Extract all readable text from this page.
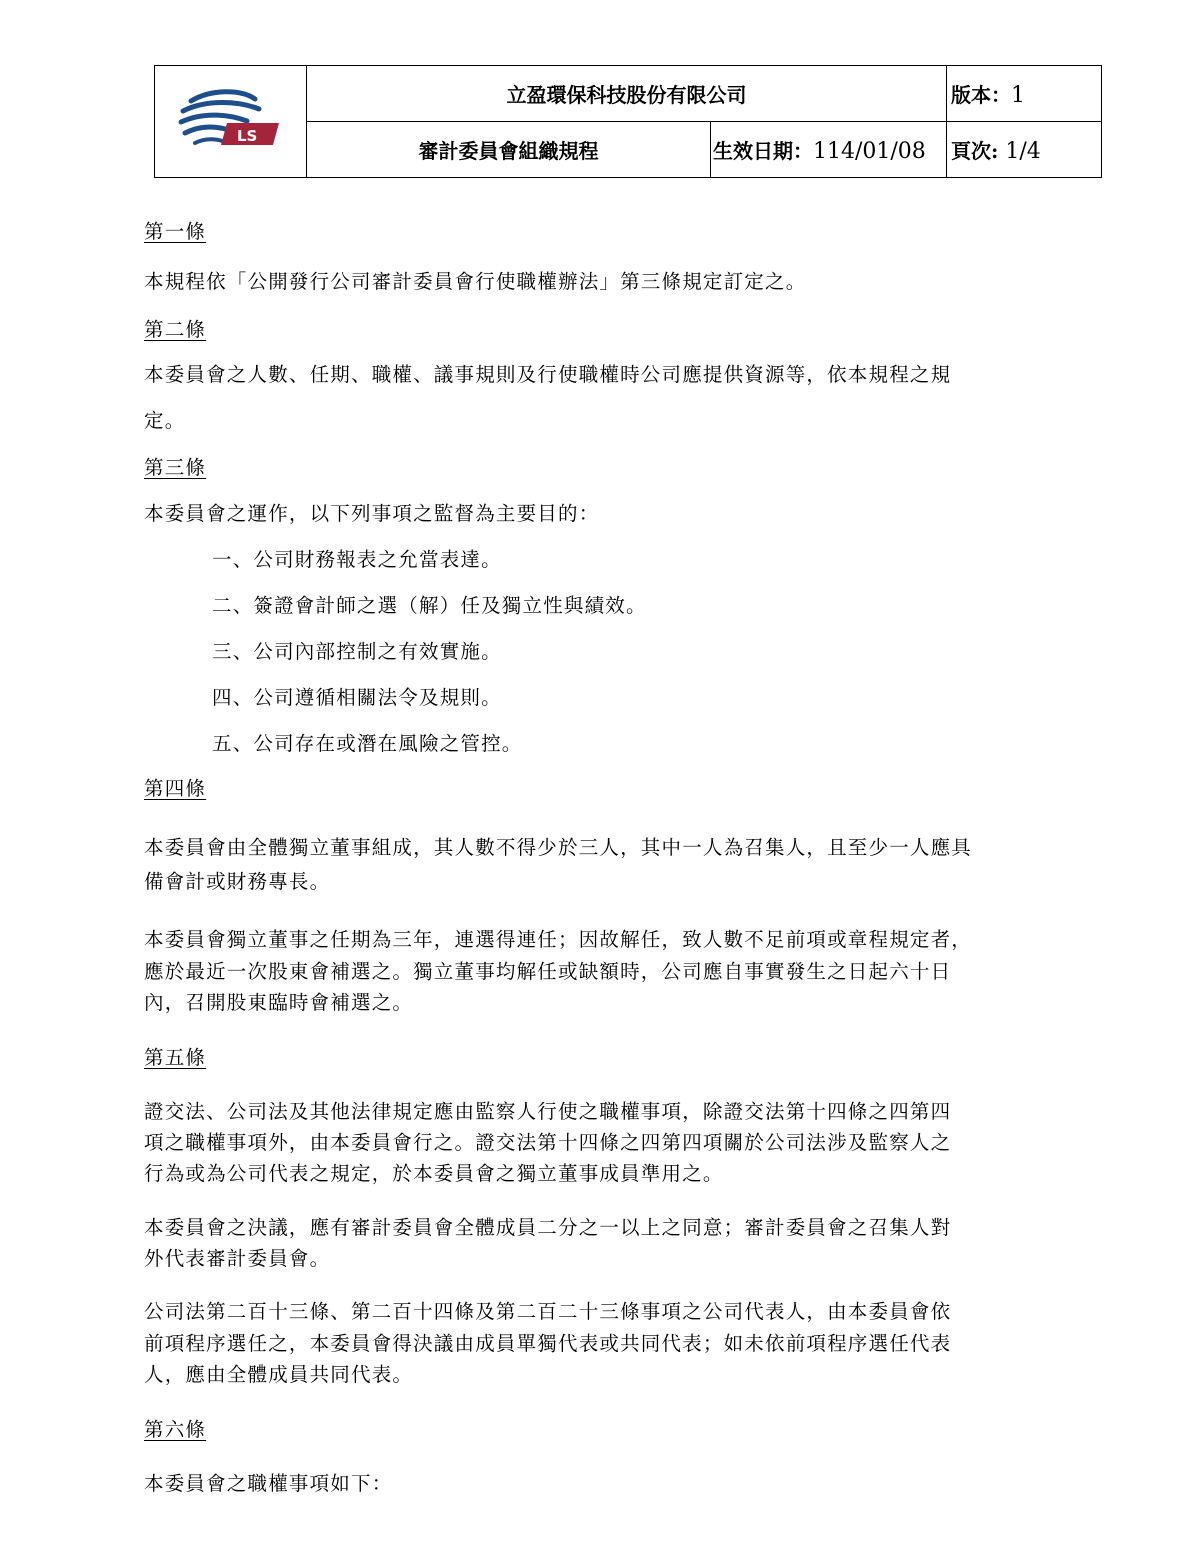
LS	立盈環保科技股份有限公司		版本：1
	審計委員會組織規程	生效日期：114/01/08	頁次: 1/4
第一條
本規程依「公開發行公司審計委員會行使職權辦法」第三條規定訂定之。
第二條
本委員會之人數、任期、職權、議事規則及行使職權時公司應提供資源等，依本規程之規
定。
第三條
本委員會之運作，以下列事項之監督為主要目的：
一、公司財務報表之允當表達。
二、簽證會計師之選（解）任及獨立性與績效。
三、公司內部控制之有效實施。
四、公司遵循相關法令及規則。
五、公司存在或潛在風險之管控。
第四條
本委員會由全體獨立董事組成，其人數不得少於三人，其中一人為召集人，且至少一人應具
備會計或財務專長。
本委員會獨立董事之任期為三年，連選得連任；因故解任，致人數不足前項或章程規定者，
應於最近一次股東會補選之。獨立董事均解任或缺額時，公司應自事實發生之日起六十日
內，召開股東臨時會補選之。
第五條
證交法、公司法及其他法律規定應由監察人行使之職權事項，除證交法第十四條之四第四
項之職權事項外，由本委員會行之。證交法第十四條之四第四項關於公司法涉及監察人之
行為或為公司代表之規定，於本委員會之獨立董事成員準用之。
本委員會之決議，應有審計委員會全體成員二分之一以上之同意；審計委員會之召集人對
外代表審計委員會。
公司法第二百十三條、第二百十四條及第二百二十三條事項之公司代表人，由本委員會依
前項程序選任之，本委員會得決議由成員單獨代表或共同代表；如未依前項程序選任代表
人，應由全體成員共同代表。
第六條
本委員會之職權事項如下：
